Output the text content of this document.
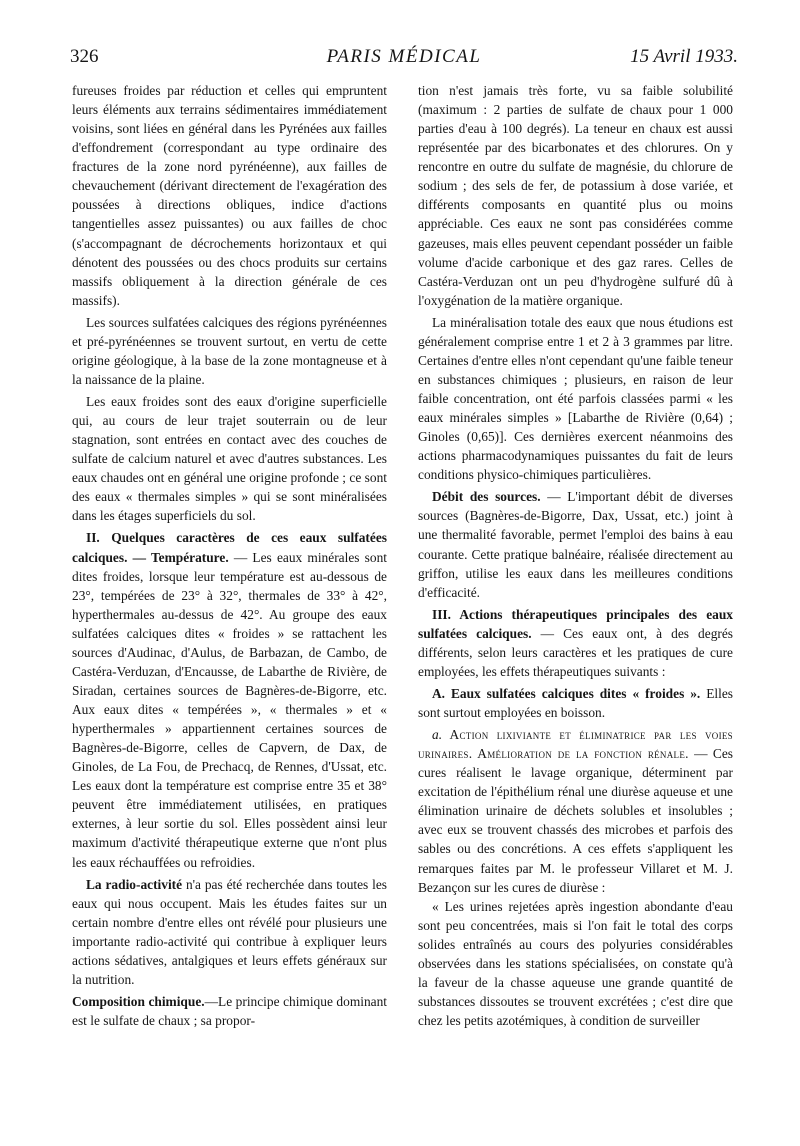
326	PARIS MÉDICAL	15 Avril 1933.

fureuses froides par réduction et celles qui empruntent leurs éléments aux terrains sédimentaires immédiatement voisins, sont liées en général dans les Pyrénées aux failles d'effondrement (correspondant au type ordinaire des fractures de la zone nord pyrénéenne), aux failles de chevauchement (dérivant directement de l'exagération des poussées à directions obliques, indice d'actions tangentielles assez puissantes) ou aux failles de choc (s'accompagnant de décrochements horizontaux et qui dénotent des poussées ou des chocs produits sur certains massifs obliquement à la direction générale de ces massifs).

Les sources sulfatées calciques des régions pyrénéennes et pré-pyrénéennes se trouvent surtout, en vertu de cette origine géologique, à la base de la zone montagneuse et à la naissance de la plaine.

Les eaux froides sont des eaux d'origine superficielle qui, au cours de leur trajet souterrain ou de leur stagnation, sont entrées en contact avec des couches de sulfate de calcium naturel et avec d'autres substances. Les eaux chaudes ont en général une origine profonde ; ce sont des eaux « thermales simples » qui se sont minéralisées dans les étages superficiels du sol.

II. Quelques caractères de ces eaux sulfatées calciques. — Température. — Les eaux minérales sont dites froides, lorsque leur température est au-dessous de 23°, tempérées de 23° à 32°, thermales de 33° à 42°, hyperthermales au-dessus de 42°. Au groupe des eaux sulfatées calciques dites « froides » se rattachent les sources d'Audinac, d'Aulus, de Barbazan, de Cambo, de Castéra-Verduzan, d'Encausse, de Labarthe de Rivière, de Siradan, certaines sources de Bagnères-de-Bigorre, etc. Aux eaux dites « tempérées », « thermales » et « hyperthermales » appartiennent certaines sources de Bagnères-de-Bigorre, celles de Capvern, de Dax, de Ginoles, de La Fou, de Prechacq, de Rennes, d'Ussat, etc. Les eaux dont la température est comprise entre 35 et 38° peuvent être immédiatement utilisées, en pratiques externes, à leur sortie du sol. Elles possèdent ainsi leur maximum d'activité thérapeutique externe que n'ont plus les eaux réchauffées ou refroidies.

La radio-activité n'a pas été recherchée dans toutes les eaux qui nous occupent. Mais les études faites sur un certain nombre d'entre elles ont révélé pour plusieurs une importante radio-activité qui contribue à expliquer leurs actions sédatives, antalgiques et leurs effets généraux sur la nutrition.

Composition chimique.—Le principe chimique dominant est le sulfate de chaux ; sa propor-

tion n'est jamais très forte, vu sa faible solubilité (maximum : 2 parties de sulfate de chaux pour 1 000 parties d'eau à 100 degrés). La teneur en chaux est aussi représentée par des bicarbonates et des chlorures. On y rencontre en outre du sulfate de magnésie, du chlorure de sodium ; des sels de fer, de potassium à dose variée, et différents composants en quantité plus ou moins appréciable. Ces eaux ne sont pas considérées comme gazeuses, mais elles peuvent cependant posséder un faible volume d'acide carbonique et des gaz rares. Celles de Castéra-Verduzan ont un peu d'hydrogène sulfuré dû à l'oxygénation de la matière organique.

La minéralisation totale des eaux que nous étudions est généralement comprise entre 1 et 2 à 3 grammes par litre. Certaines d'entre elles n'ont cependant qu'une faible teneur en substances chimiques ; plusieurs, en raison de leur faible concentration, ont été parfois classées parmi « les eaux minérales simples » [Labarthe de Rivière (0,64) ; Ginoles (0,65)]. Ces dernières exercent néanmoins des actions pharmacodynamiques puissantes du fait de leurs conditions physico-chimiques particulières.

Débit des sources. — L'important débit de diverses sources (Bagnères-de-Bigorre, Dax, Ussat, etc.) joint à une thermalité favorable, permet l'emploi des bains à eau courante. Cette pratique balnéaire, réalisée directement au griffon, utilise les eaux dans les meilleures conditions d'efficacité.

III. Actions thérapeutiques principales des eaux sulfatées calciques. — Ces eaux ont, à des degrés différents, selon leurs caractères et les pratiques de cure employées, les effets thérapeutiques suivants :

A. Eaux sulfatées calciques dites « froides ». Elles sont surtout employées en boisson.

a. Action lixiviante et éliminatrice par les voies urinaires. Amélioration de la fonction rénale. — Ces cures réalisent le lavage organique, déterminent par excitation de l'épithélium rénal une diurèse aqueuse et une élimination urinaire de déchets solubles et insolubles ; avec eux se trouvent chassés des microbes et parfois des sables ou des concrétions. A ces effets s'appliquent les remarques faites par M. le professeur Villaret et M. J. Bezançon sur les cures de diurèse :

« Les urines rejetées après ingestion abondante d'eau sont peu concentrées, mais si l'on fait le total des corps solides entraînés au cours des polyuries considérables observées dans les stations spécialisées, on constate qu'à la faveur de la chasse aqueuse une grande quantité de substances dissoutes se trouvent excrétées ; c'est dire que chez les petits azotémiques, à condition de surveiller
